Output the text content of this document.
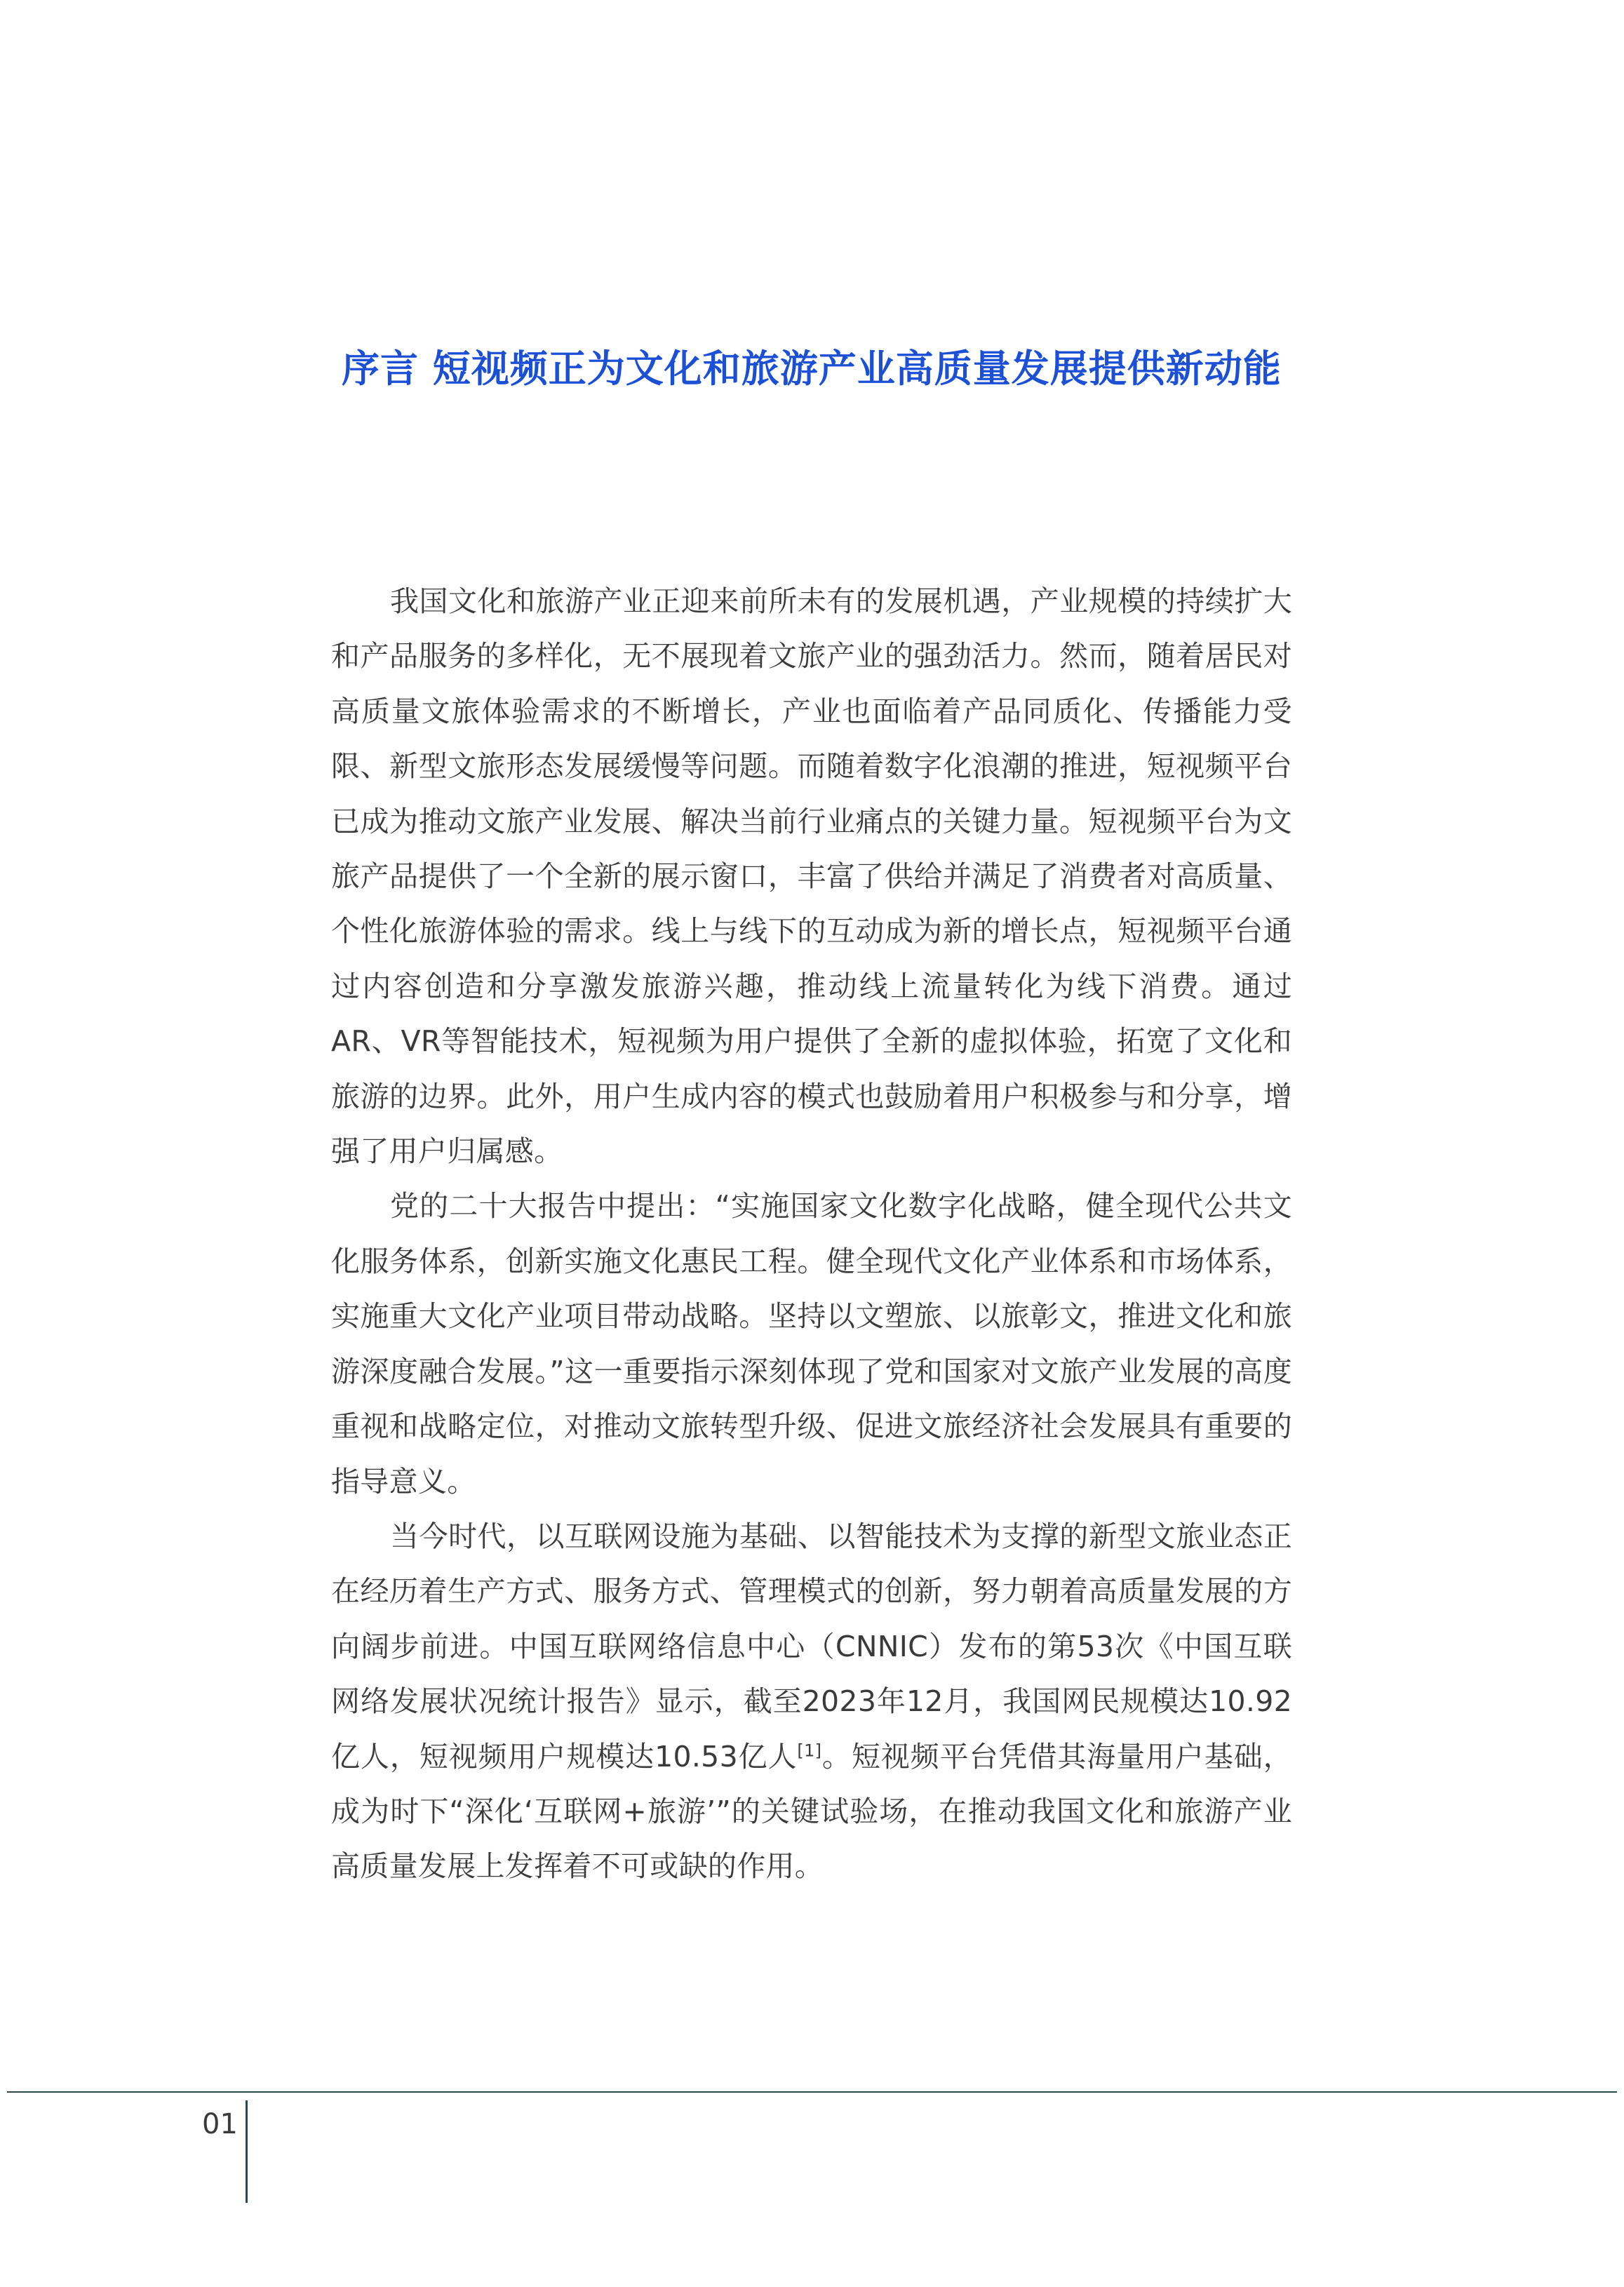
序言 短视频正为文化和旅游产业高质量发展提供新动能

我国文化和旅游产业正迎来前所未有的发展机遇，产业规模的持续扩大和产品服务的多样化，无不展现着文旅产业的强劲活力。然而，随着居民对高质量文旅体验需求的不断增长，产业也面临着产品同质化、传播能力受限、新型文旅形态发展缓慢等问题。而随着数字化浪潮的推进，短视频平台已成为推动文旅产业发展、解决当前行业痛点的关键力量。短视频平台为文旅产品提供了一个全新的展示窗口，丰富了供给并满足了消费者对高质量、个性化旅游体验的需求。线上与线下的互动成为新的增长点，短视频平台通过内容创造和分享激发旅游兴趣，推动线上流量转化为线下消费。通过AR、VR等智能技术，短视频为用户提供了全新的虚拟体验，拓宽了文化和旅游的边界。此外，用户生成内容的模式也鼓励着用户积极参与和分享，增强了用户归属感。

党的二十大报告中提出：“实施国家文化数字化战略，健全现代公共文化服务体系，创新实施文化惠民工程。健全现代文化产业体系和市场体系，实施重大文化产业项目带动战略。坚持以文塑旅、以旅彰文，推进文化和旅游深度融合发展。”这一重要指示深刻体现了党和国家对文旅产业发展的高度重视和战略定位，对推动文旅转型升级、促进文旅经济社会发展具有重要的指导意义。

当今时代，以互联网设施为基础、以智能技术为支撑的新型文旅业态正在经历着生产方式、服务方式、管理模式的创新，努力朝着高质量发展的方向阔步前进。中国互联网络信息中心（CNNIC）发布的第53次《中国互联网络发展状况统计报告》显示，截至2023年12月，我国网民规模达10.92亿人，短视频用户规模达10.53亿人[1]。短视频平台凭借其海量用户基础，成为时下“深化‘互联网+旅游’”的关键试验场，在推动我国文化和旅游产业高质量发展上发挥着不可或缺的作用。

01
